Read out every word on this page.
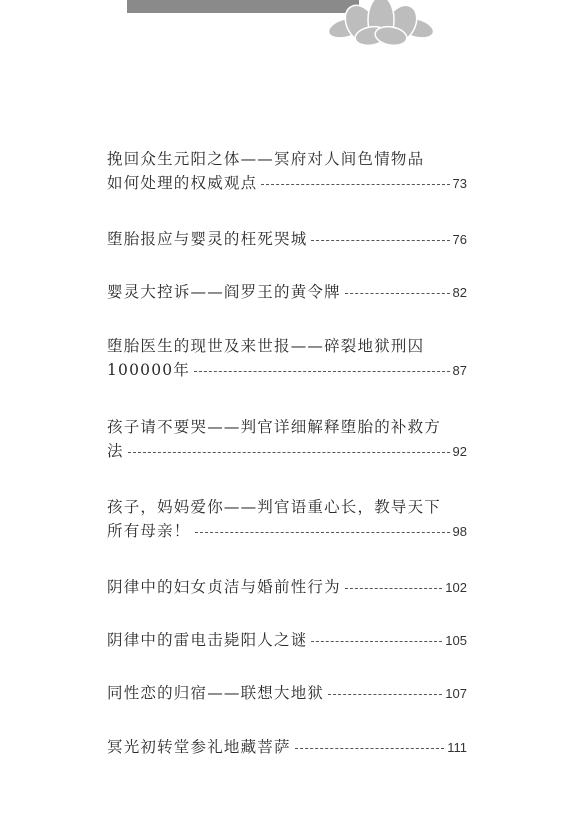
挽回众生元阳之体——冥府对人间色情物品
如何处理的权威观点	73
堕胎报应与婴灵的枉死哭城	76
婴灵大控诉——阎罗王的黄令牌	82
堕胎医生的现世及来世报——碎裂地狱刑囚
100000年	87
孩子请不要哭——判官详细解释堕胎的补救方
法	92
孩子，妈妈爱你——判官语重心长，教导天下
所有母亲！	98
阴律中的妇女贞洁与婚前性行为	102
阴律中的雷电击毙阳人之谜	105
同性恋的归宿——联想大地狱	107
冥光初转堂参礼地藏菩萨	111
